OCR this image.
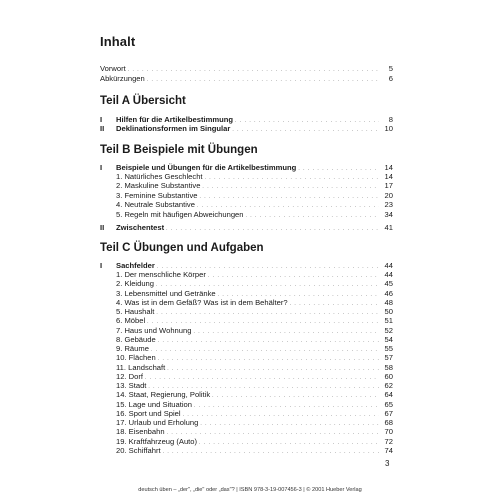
Inhalt
Vorwort . . .	5
Abkürzungen . . .	6
Teil A Übersicht
I	Hilfen für die Artikelbestimmung . . .	8
II	Deklinationsformen im Singular . . .	10
Teil B Beispiele mit Übungen
I	Beispiele und Übungen für die Artikelbestimmung . . .	14
1. Natürliches Geschlecht . . .	14
2. Maskuline Substantive . . .	17
3. Feminine Substantive . . .	20
4. Neutrale Substantive . . .	23
5. Regeln mit häufigen Abweichungen . . .	34
II	Zwischentest . . .	41
Teil C Übungen und Aufgaben
I	Sachfelder . . .	44
1. Der menschliche Körper . . .	44
2. Kleidung . . .	45
3. Lebensmittel und Getränke . . .	46
4. Was ist in dem Gefäß? Was ist in dem Behälter? . . .	48
5. Haushalt . . .	50
6. Möbel . . .	51
7. Haus und Wohnung . . .	52
8. Gebäude . . .	54
9. Räume . . .	55
10. Flächen . . .	57
11. Landschaft . . .	58
12. Dorf . . .	60
13. Stadt . . .	62
14. Staat, Regierung, Politik . . .	64
15. Lage und Situation . . .	65
16. Sport und Spiel . . .	67
17. Urlaub und Erholung . . .	68
18. Eisenbahn . . .	70
19. Kraftfahrzeug (Auto) . . .	72
20. Schiffahrt . . .	74
3
deutsch üben – „der", „die" oder „das"? | ISBN 978-3-19-007456-3 | © 2001 Hueber Verlag
